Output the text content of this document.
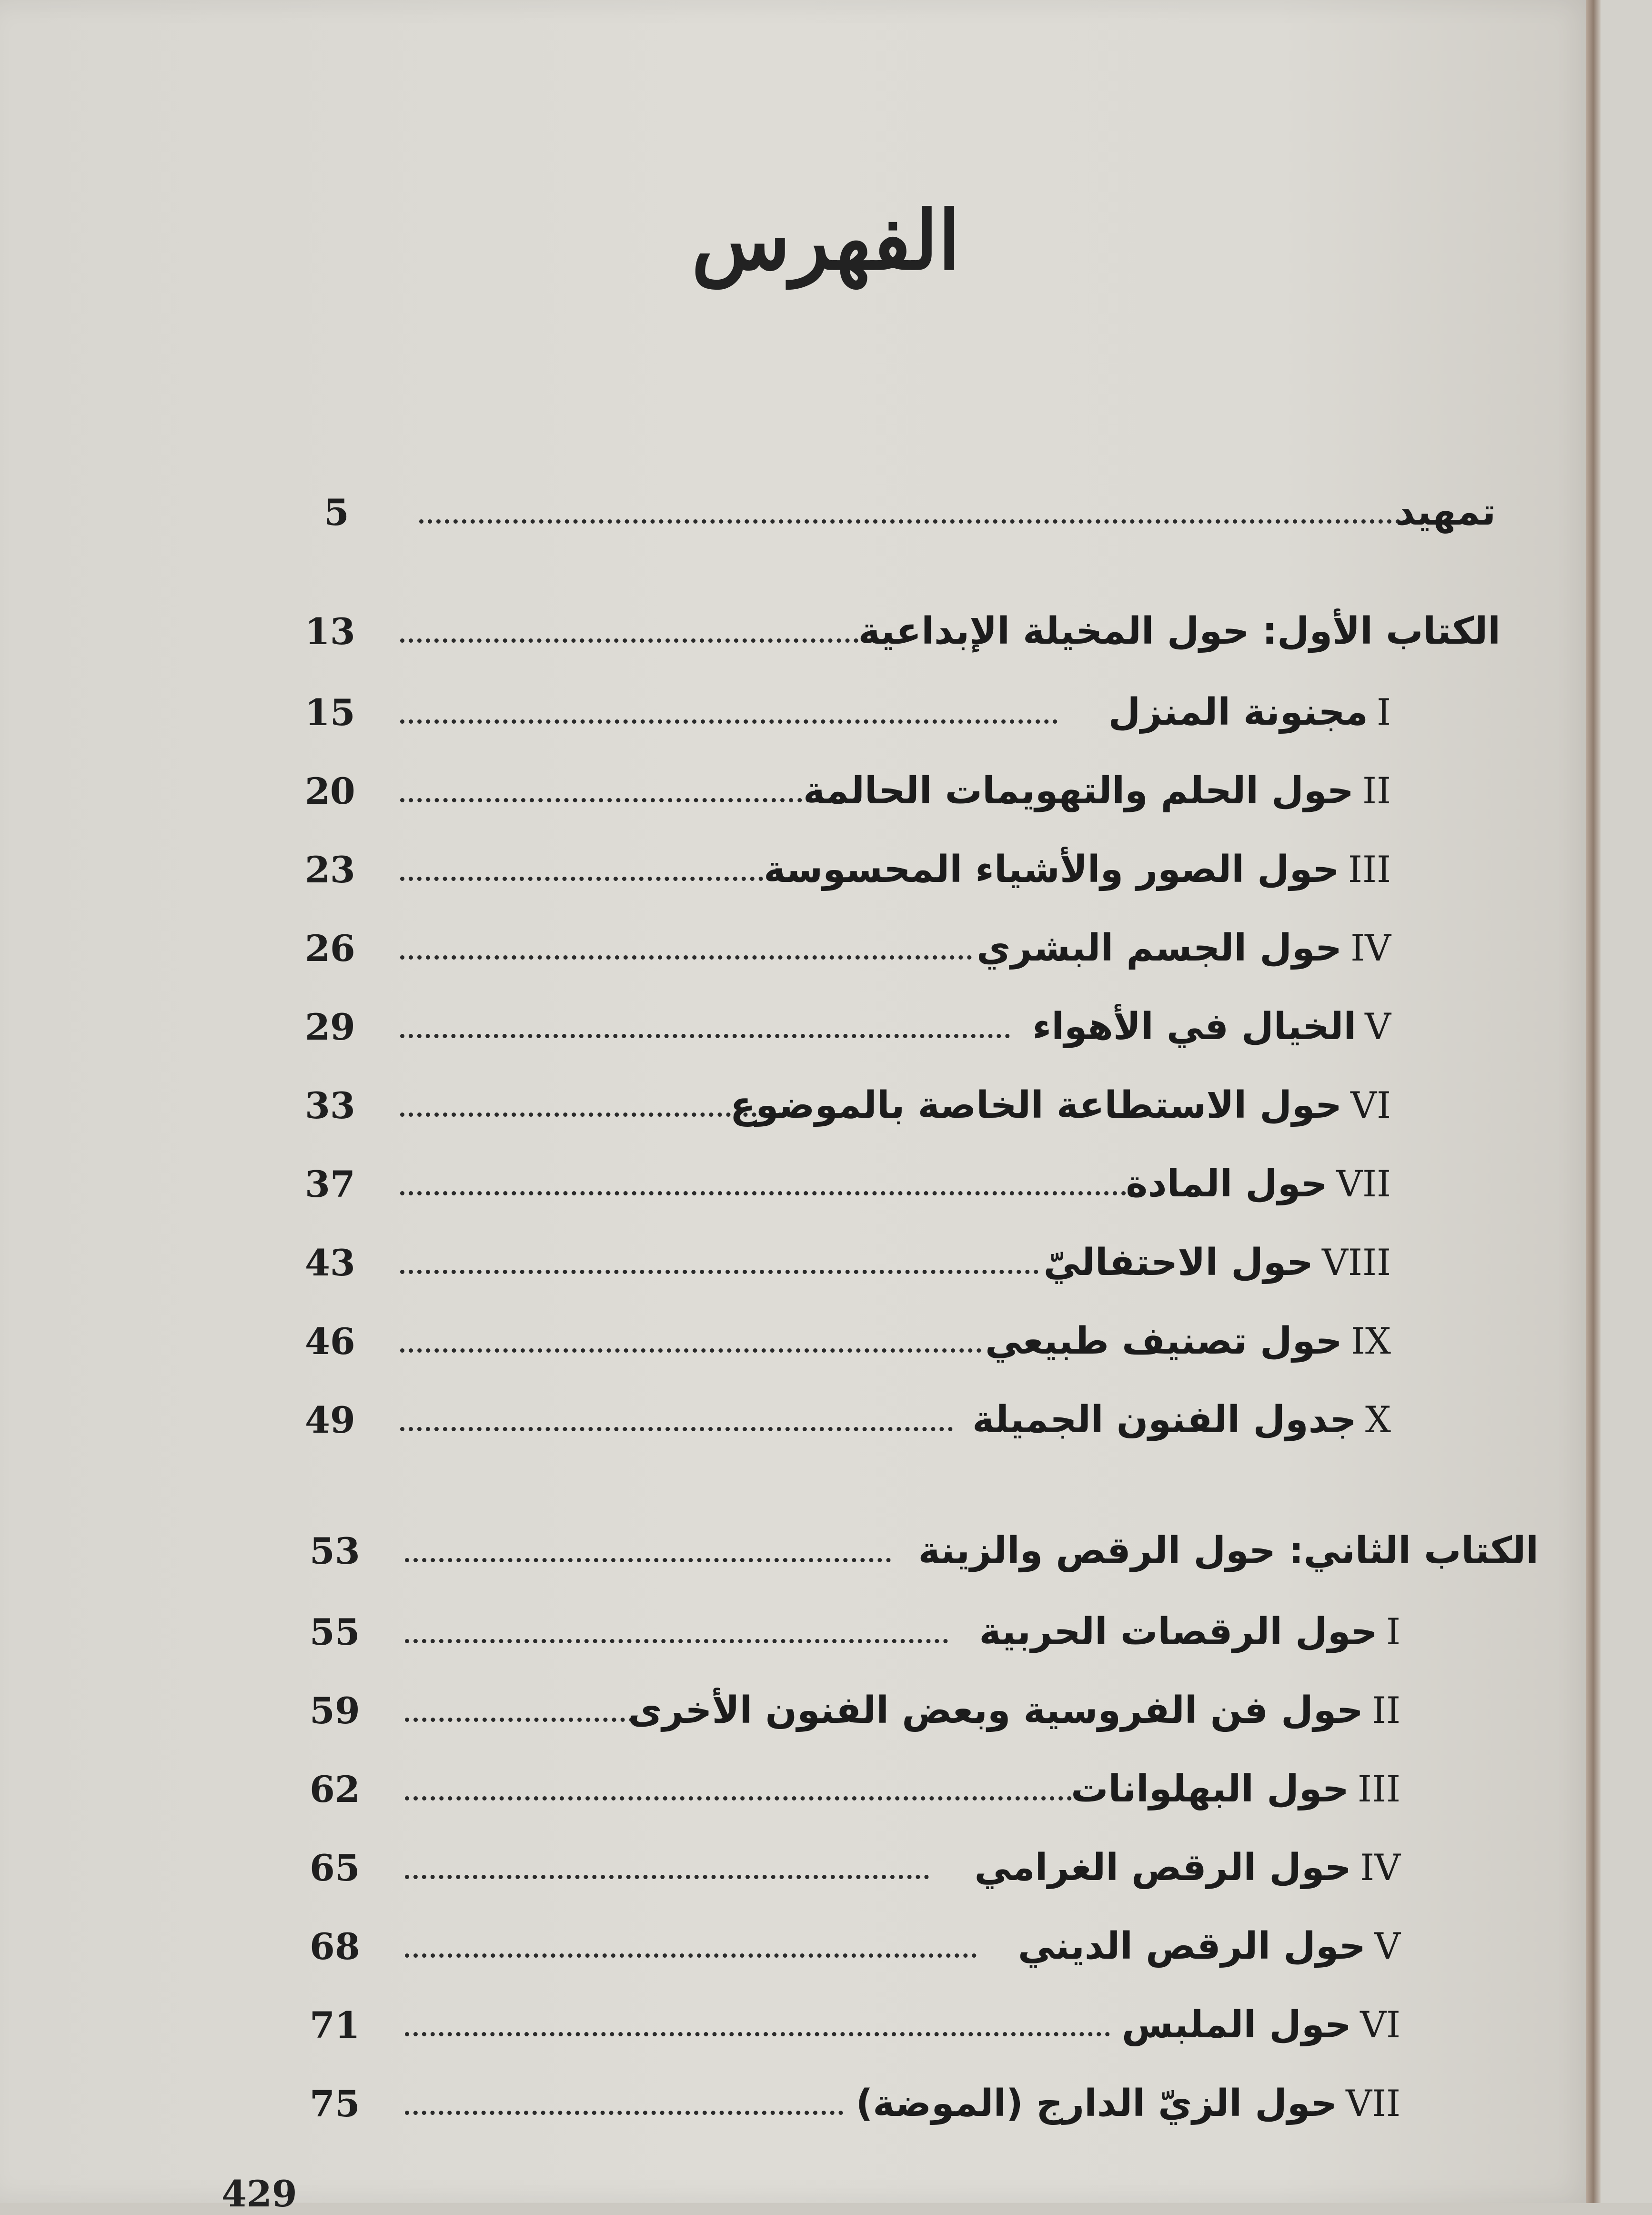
الفهرس
5	تمهيد
13	الكتاب الأول: حول المخيلة الإبداعية
15	Iمجنونة المنزل
20	IIحول الحلم والتهويمات الحالمة
23	IIIحول الصور والأشياء المحسوسة
26	IVحول الجسم البشري
29	Vالخيال في الأهواء
33	VIحول الاستطاعة الخاصة بالموضوع
37	VIIحول المادة
43	VIIIحول الاحتفاليّ
46	IXحول تصنيف طبيعي
49	Xجدول الفنون الجميلة
53	الكتاب الثاني: حول الرقص والزينة
55	Iحول الرقصات الحربية
59	IIحول فن الفروسية وبعض الفنون الأخرى
62	IIIحول البهلوانات
65	IVحول الرقص الغرامي
68	Vحول الرقص الديني
71	VIحول الملبس
75	VIIحول الزيّ الدارج (الموضة)
429
